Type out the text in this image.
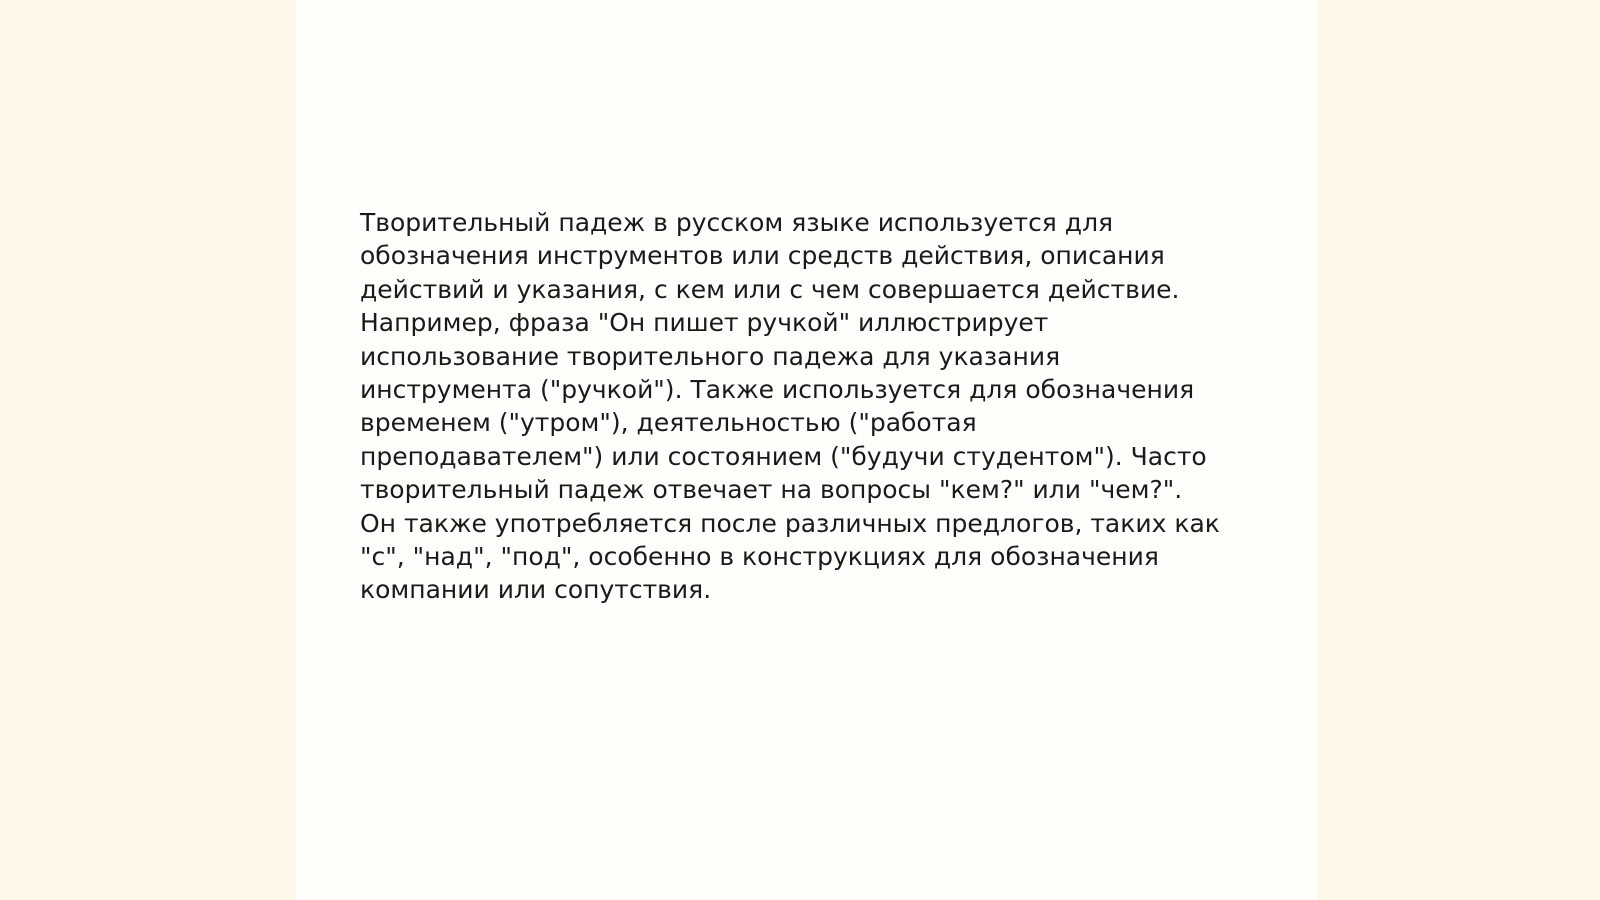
Творительный падеж в русском языке используется для
обозначения инструментов или средств действия, описания
действий и указания, с кем или с чем совершается действие.
Например, фраза "Он пишет ручкой" иллюстрирует
использование творительного падежа для указания
инструмента ("ручкой"). Также используется для обозначения
временем ("утром"), деятельностью ("работая
преподавателем") или состоянием ("будучи студентом"). Часто
творительный падеж отвечает на вопросы "кем?" или "чем?".
Он также употребляется после различных предлогов, таких как
"с", "над", "под", особенно в конструкциях для обозначения
компании или сопутствия.
